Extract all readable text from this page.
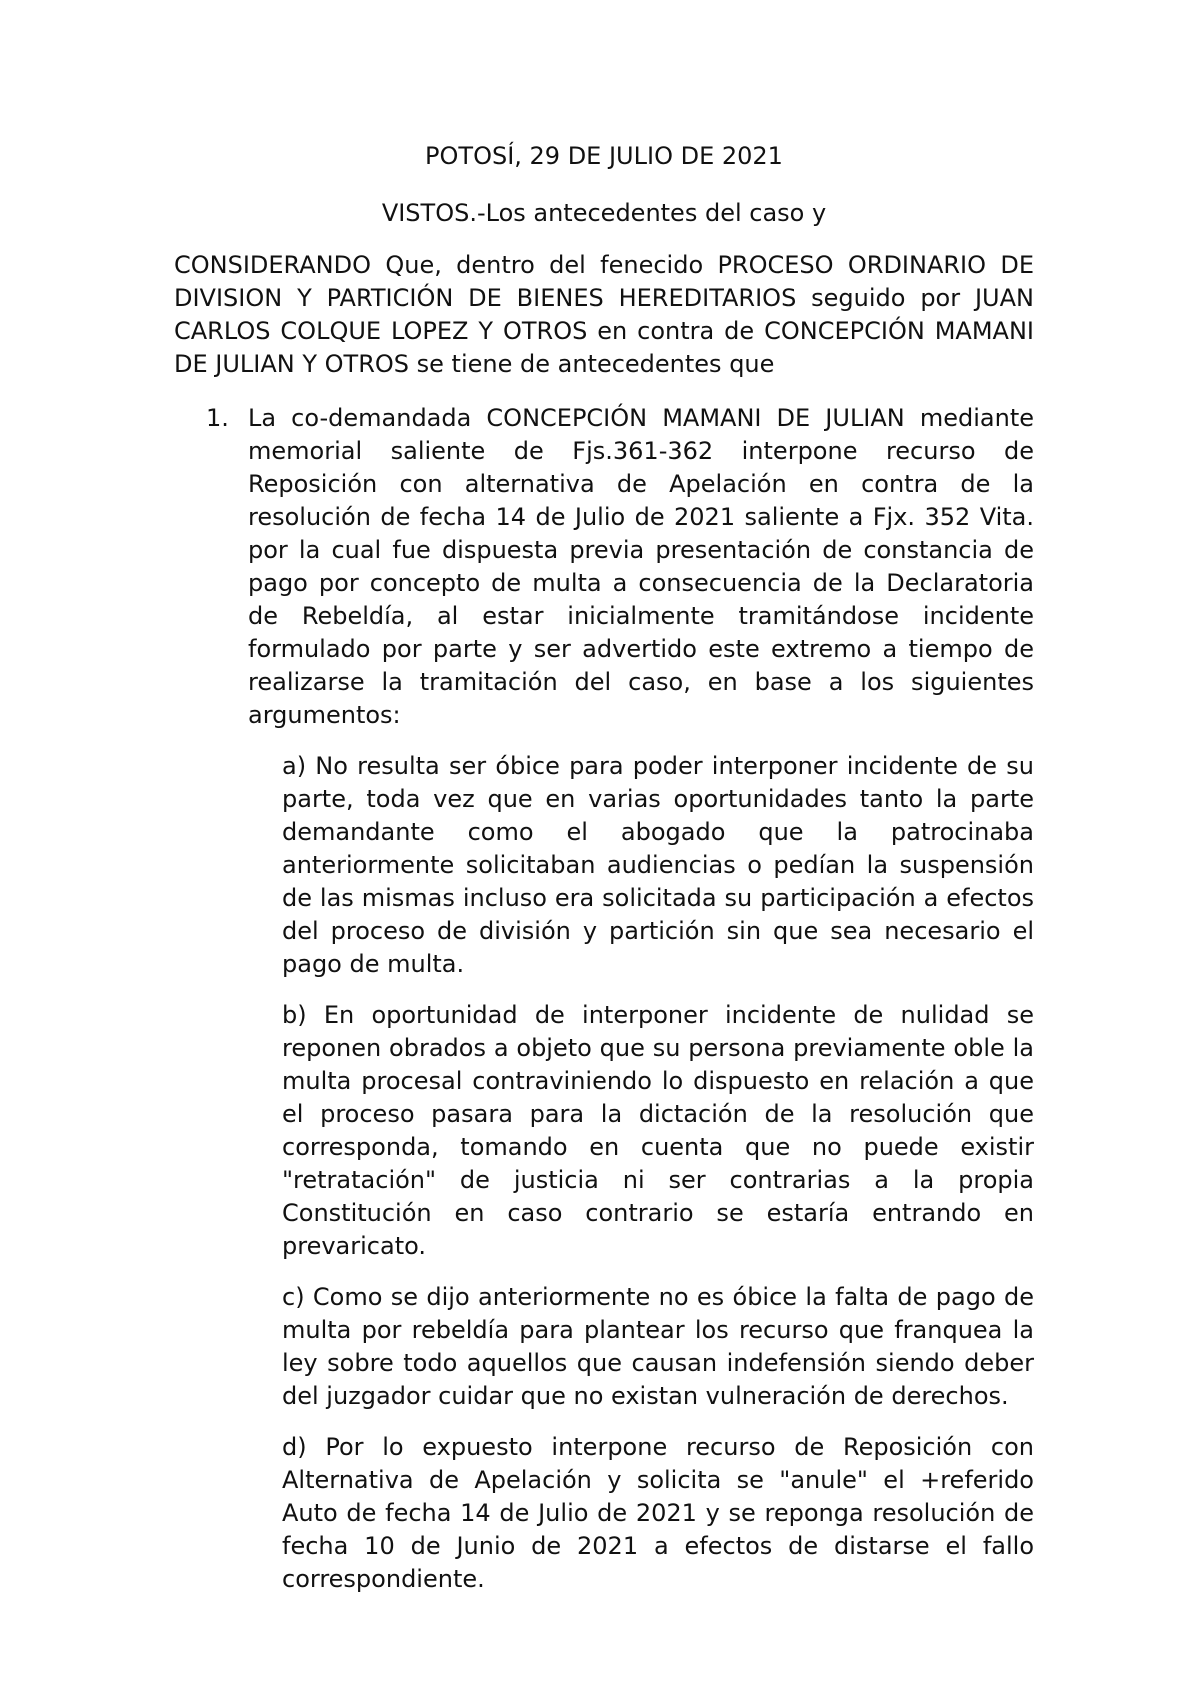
POTOSÍ, 29 DE JULIO DE 2021

VISTOS.-Los antecedentes del caso y

CONSIDERANDO Que, dentro del fenecido PROCESO ORDINARIO DE DIVISION Y PARTICIÓN DE BIENES HEREDITARIOS seguido por JUAN CARLOS COLQUE LOPEZ Y OTROS en contra de CONCEPCIÓN MAMANI DE JULIAN Y OTROS se tiene de antecedentes que

1. La co-demandada CONCEPCIÓN MAMANI DE JULIAN mediante memorial saliente de Fjs.361-362 interpone recurso de Reposición con alternativa de Apelación en contra de la resolución de fecha 14 de Julio de 2021 saliente a Fjx. 352 Vita. por la cual fue dispuesta previa presentación de constancia de pago por concepto de multa a consecuencia de la Declaratoria de Rebeldía, al estar inicialmente tramitándose incidente formulado por parte y ser advertido este extremo a tiempo de realizarse la tramitación del caso, en base a los siguientes argumentos:

a) No resulta ser óbice para poder interponer incidente de su parte, toda vez que en varias oportunidades tanto la parte demandante como el abogado que la patrocinaba anteriormente solicitaban audiencias o pedían la suspensión de las mismas incluso era solicitada su participación a efectos del proceso de división y partición sin que sea necesario el pago de multa.

b) En oportunidad de interponer incidente de nulidad se reponen obrados a objeto que su persona previamente oble la multa procesal contraviniendo lo dispuesto en relación a que el proceso pasara para la dictación de la resolución que corresponda, tomando en cuenta que no puede existir "retratación" de justicia ni ser contrarias a la propia Constitución en caso contrario se estaría entrando en prevaricato.

c) Como se dijo anteriormente no es óbice la falta de pago de multa por rebeldía para plantear los recurso que franquea la ley sobre todo aquellos que causan indefensión siendo deber del juzgador cuidar que no existan vulneración de derechos.

d) Por lo expuesto interpone recurso de Reposición con Alternativa de Apelación y solicita se "anule" el +referido Auto de fecha 14 de Julio de 2021 y se reponga resolución de fecha 10 de Junio de 2021 a efectos de distarse el fallo correspondiente.
